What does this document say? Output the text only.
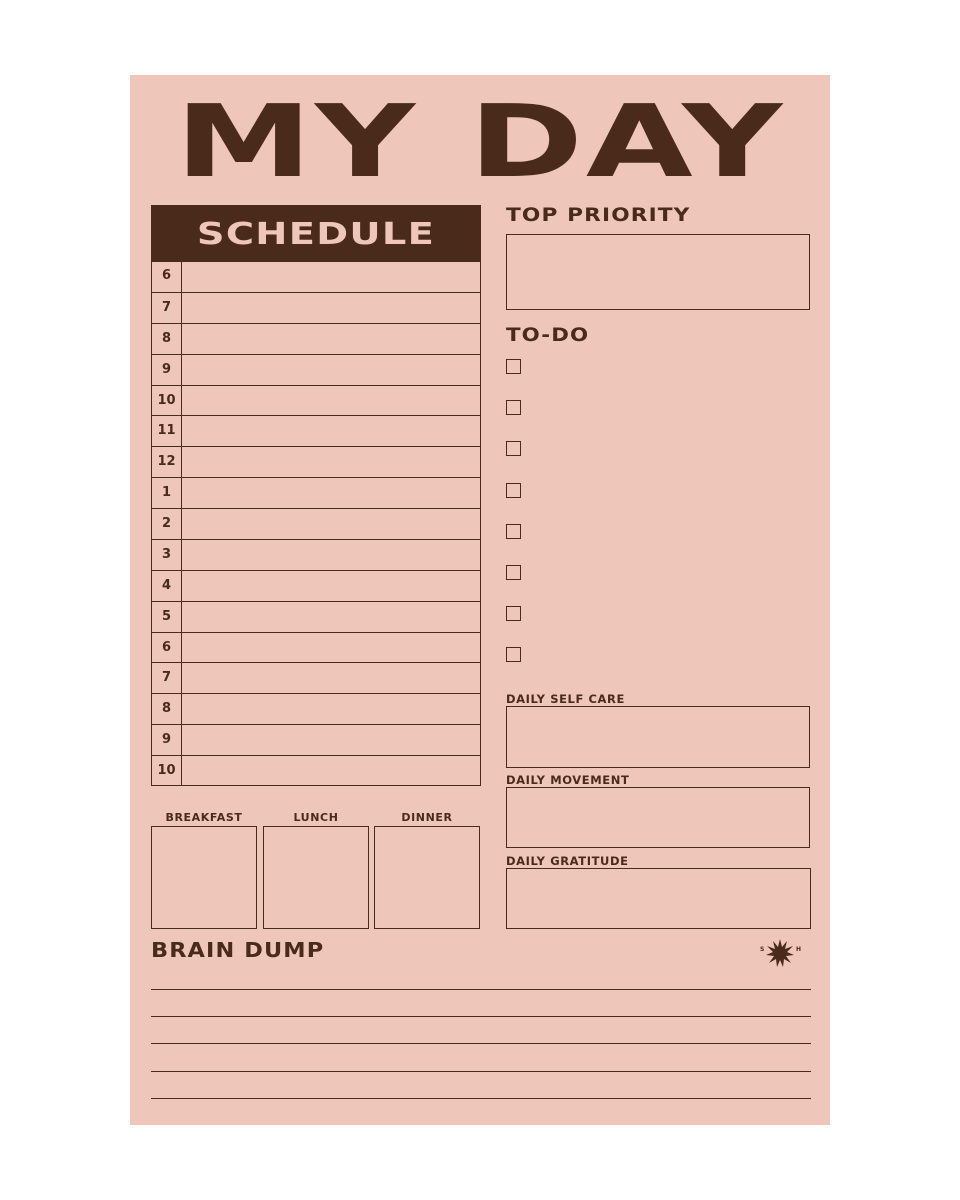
MY DAY
SCHEDULE
6
7
8
9
10
11
12
1
2
3
4
5
6
7
8
9
10
BREAKFAST	LUNCH	DINNER
TOP PRIORITY
TO-DO
DAILY SELF CARE
DAILY MOVEMENT
DAILY GRATITUDE
BRAIN DUMP	S	H
